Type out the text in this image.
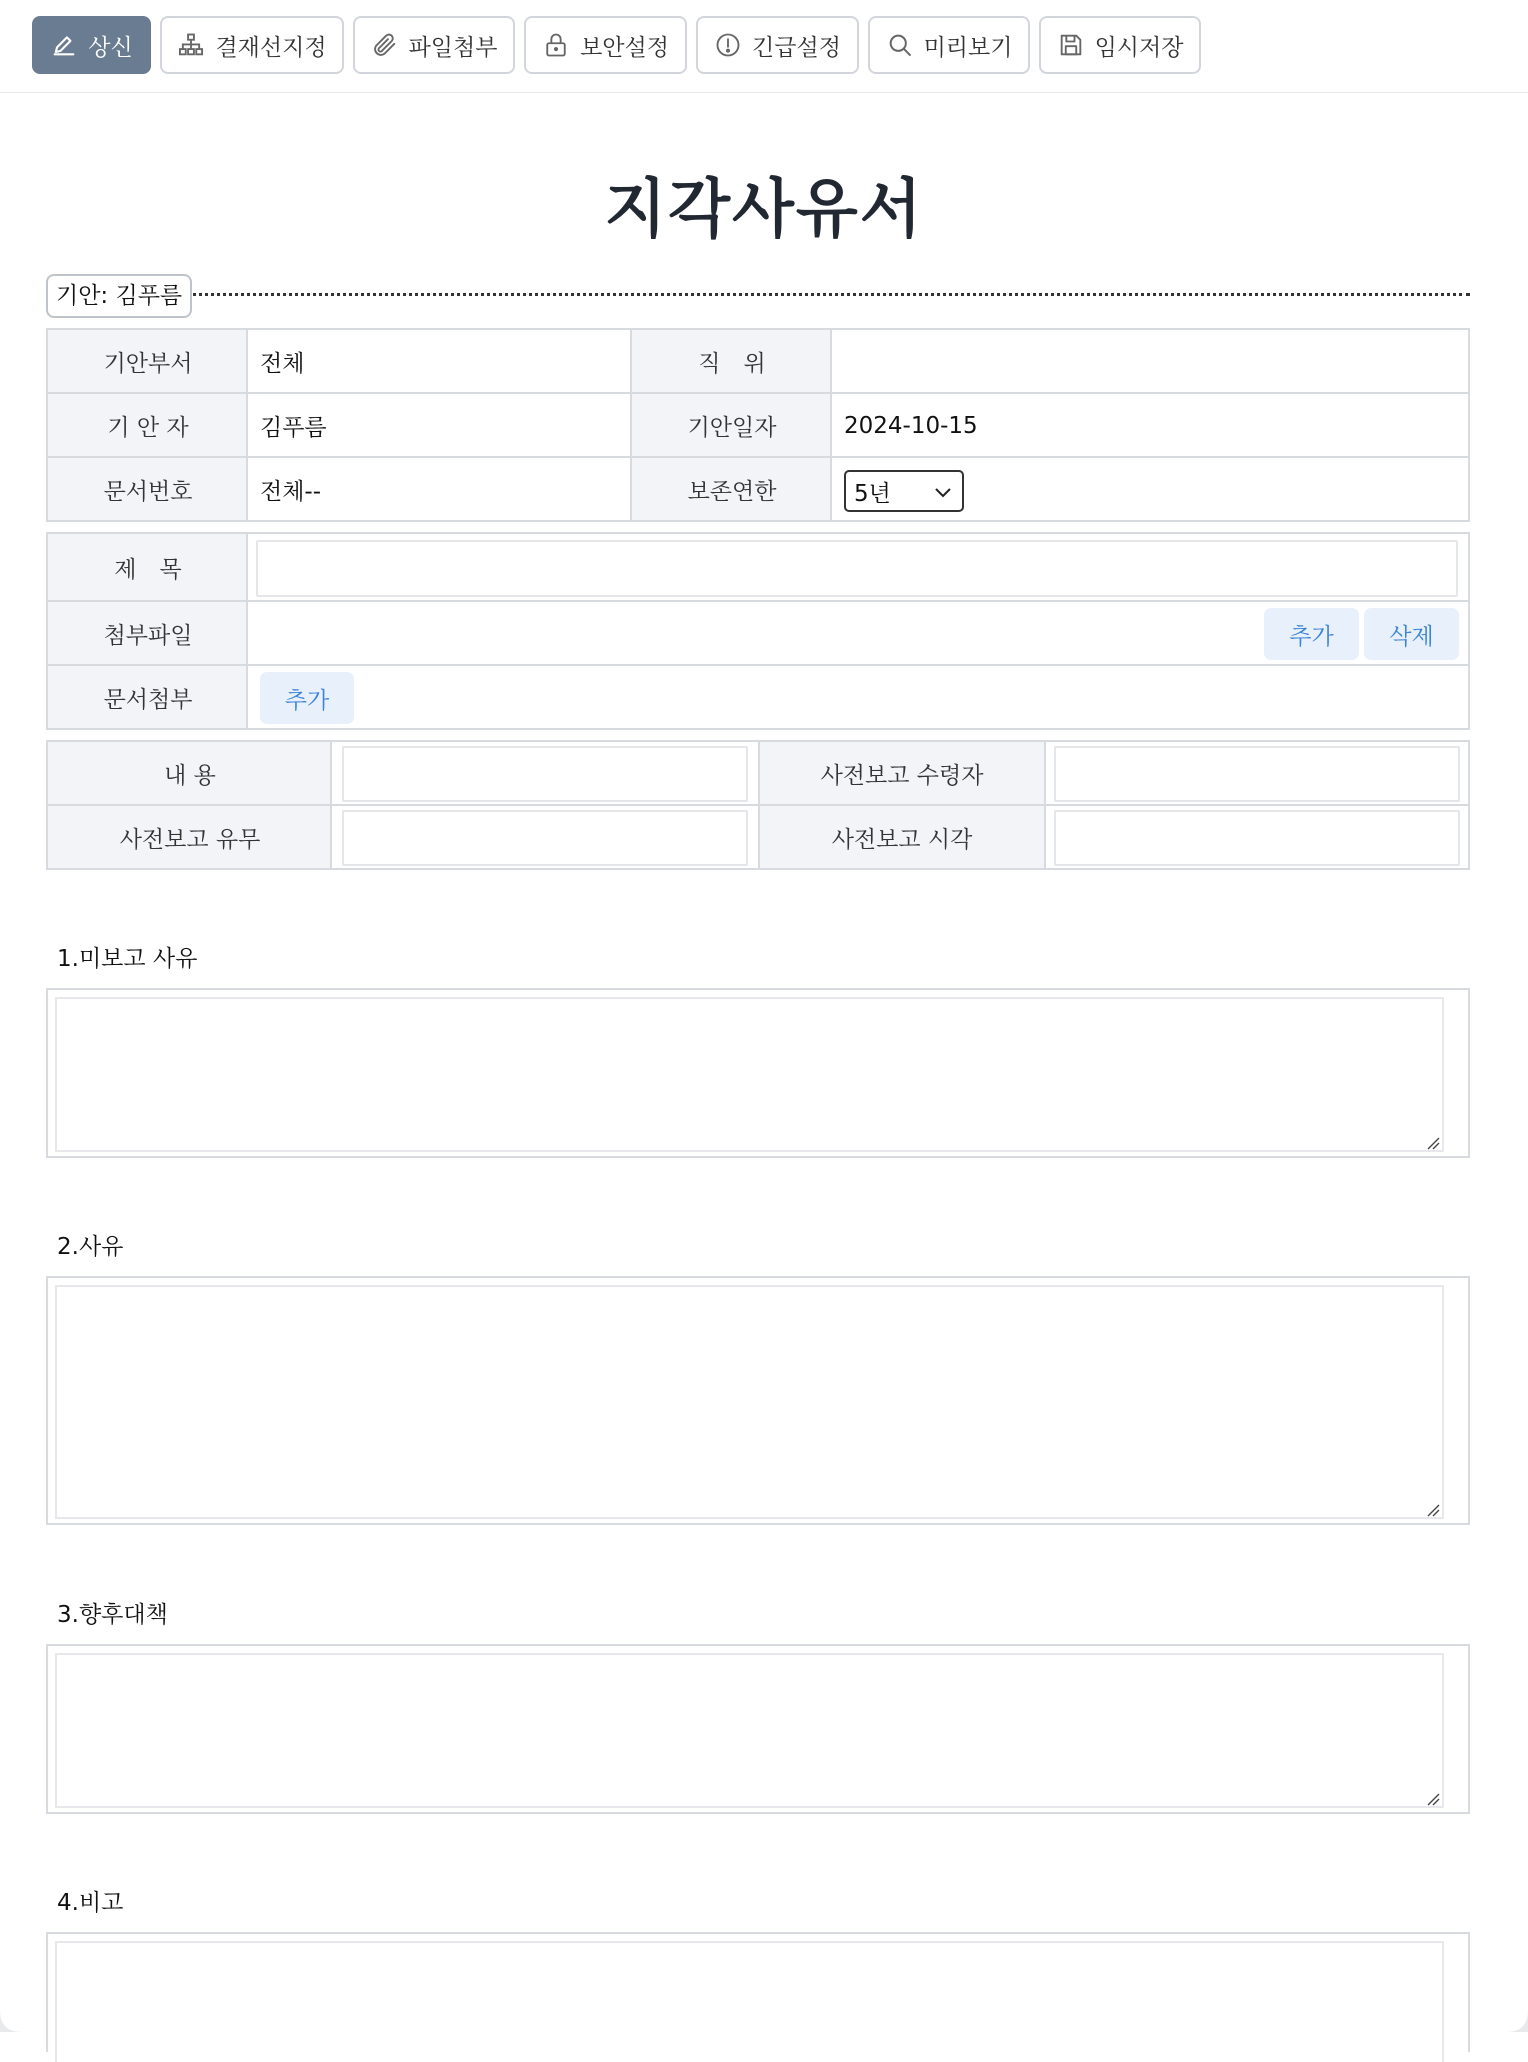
상신	결재선지정	파일첨부	보안설정	긴급설정	미리보기	임시저장
지각사유서
기안: 김푸름
기안부서	전체	직　위
기 안 자	김푸름	기안일자	2024-10-15
문서번호	전체--	보존연한	5년
제　목
첨부파일	추가	삭제
문서첨부	추가
내 용	사전보고 수령자
사전보고 유무	사전보고 시각
1.미보고 사유
2.사유
3.향후대책
4.비고
